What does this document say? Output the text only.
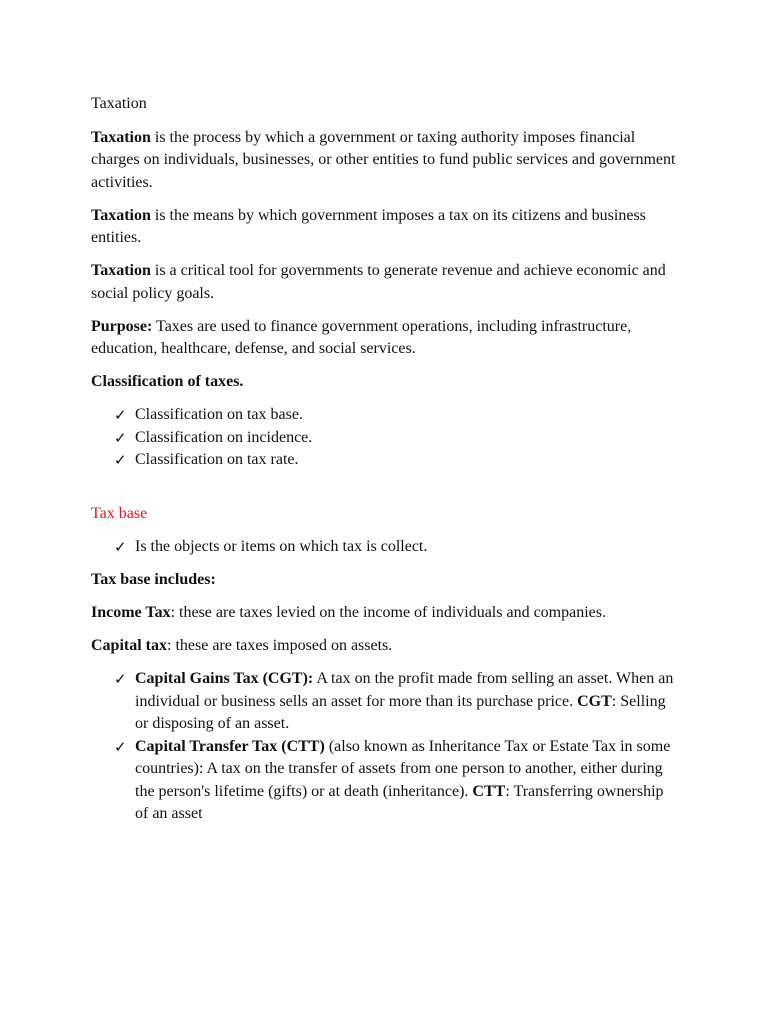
Taxation

Taxation is the process by which a government or taxing authority imposes financial charges on individuals, businesses, or other entities to fund public services and government activities.

Taxation is the means by which government imposes a tax on its citizens and business entities.

Taxation is a critical tool for governments to generate revenue and achieve economic and social policy goals.

Purpose: Taxes are used to finance government operations, including infrastructure, education, healthcare, defense, and social services.

Classification of taxes.

✓ Classification on tax base.
✓ Classification on incidence.
✓ Classification on tax rate.

Tax base

✓ Is the objects or items on which tax is collect.

Tax base includes:

Income Tax: these are taxes levied on the income of individuals and companies.

Capital tax: these are taxes imposed on assets.

✓ Capital Gains Tax (CGT): A tax on the profit made from selling an asset. When an individual or business sells an asset for more than its purchase price. CGT: Selling or disposing of an asset.
✓ Capital Transfer Tax (CTT) (also known as Inheritance Tax or Estate Tax in some countries): A tax on the transfer of assets from one person to another, either during the person's lifetime (gifts) or at death (inheritance). CTT: Transferring ownership of an asset
